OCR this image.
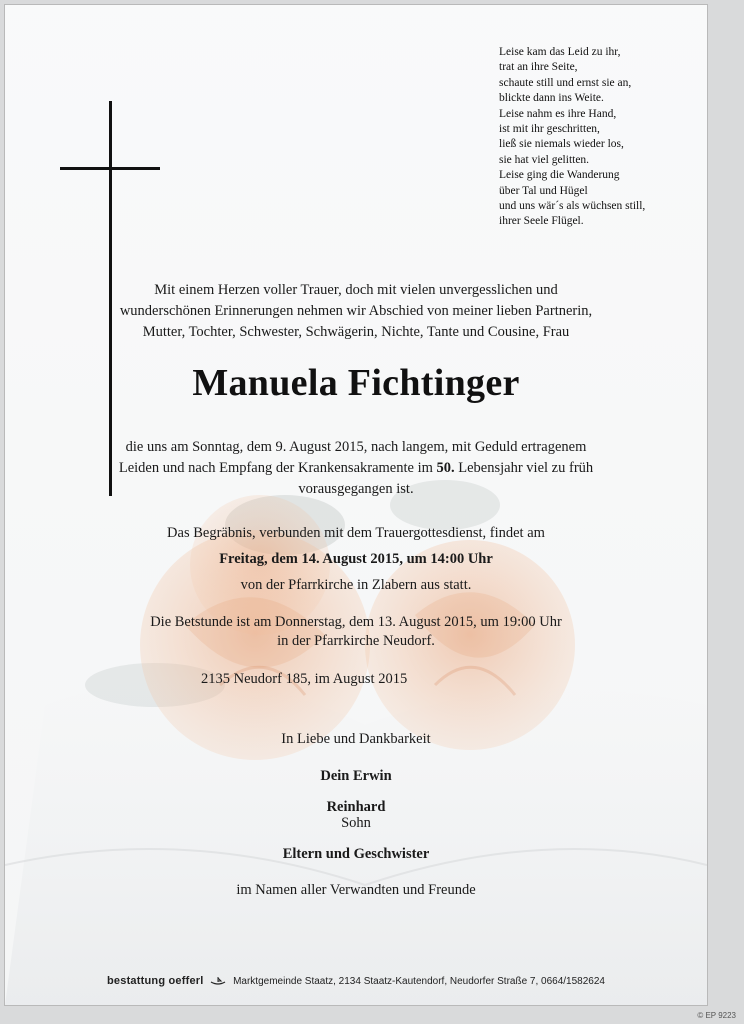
Leise kam das Leid zu ihr,
trat an ihre Seite,
schaute still und ernst sie an,
blickte dann ins Weite.
Leise nahm es ihre Hand,
ist mit ihr geschritten,
ließ sie niemals wieder los,
sie hat viel gelitten.
Leise ging die Wanderung
über Tal und Hügel
und uns wär´s als wüchsen still,
ihrer Seele Flügel.
Mit einem Herzen voller Trauer, doch mit vielen unvergesslichen und
wunderschönen Erinnerungen nehmen wir Abschied von meiner lieben Partnerin,
Mutter, Tochter, Schwester, Schwägerin, Nichte, Tante und Cousine, Frau
Manuela Fichtinger
die uns am Sonntag, dem 9. August 2015, nach langem, mit Geduld ertragenem
Leiden und nach Empfang der Krankensakramente im 50. Lebensjahr viel zu früh
vorausgegangen ist.
Das Begräbnis, verbunden mit dem Trauergottesdienst, findet am
Freitag, dem 14. August 2015, um 14:00 Uhr
von der Pfarrkirche in Zlabern aus statt.
Die Betstunde ist am Donnerstag, dem 13. August 2015, um 19:00 Uhr
in der Pfarrkirche Neudorf.
2135 Neudorf 185, im August 2015
In Liebe und Dankbarkeit
Dein Erwin
Reinhard
Sohn
Eltern und Geschwister
im Namen aller Verwandten und Freunde
bestattung oefferl	Marktgemeinde Staatz, 2134 Staatz-Kautendorf, Neudorfer Straße 7, 0664/1582624
© EP 9223
